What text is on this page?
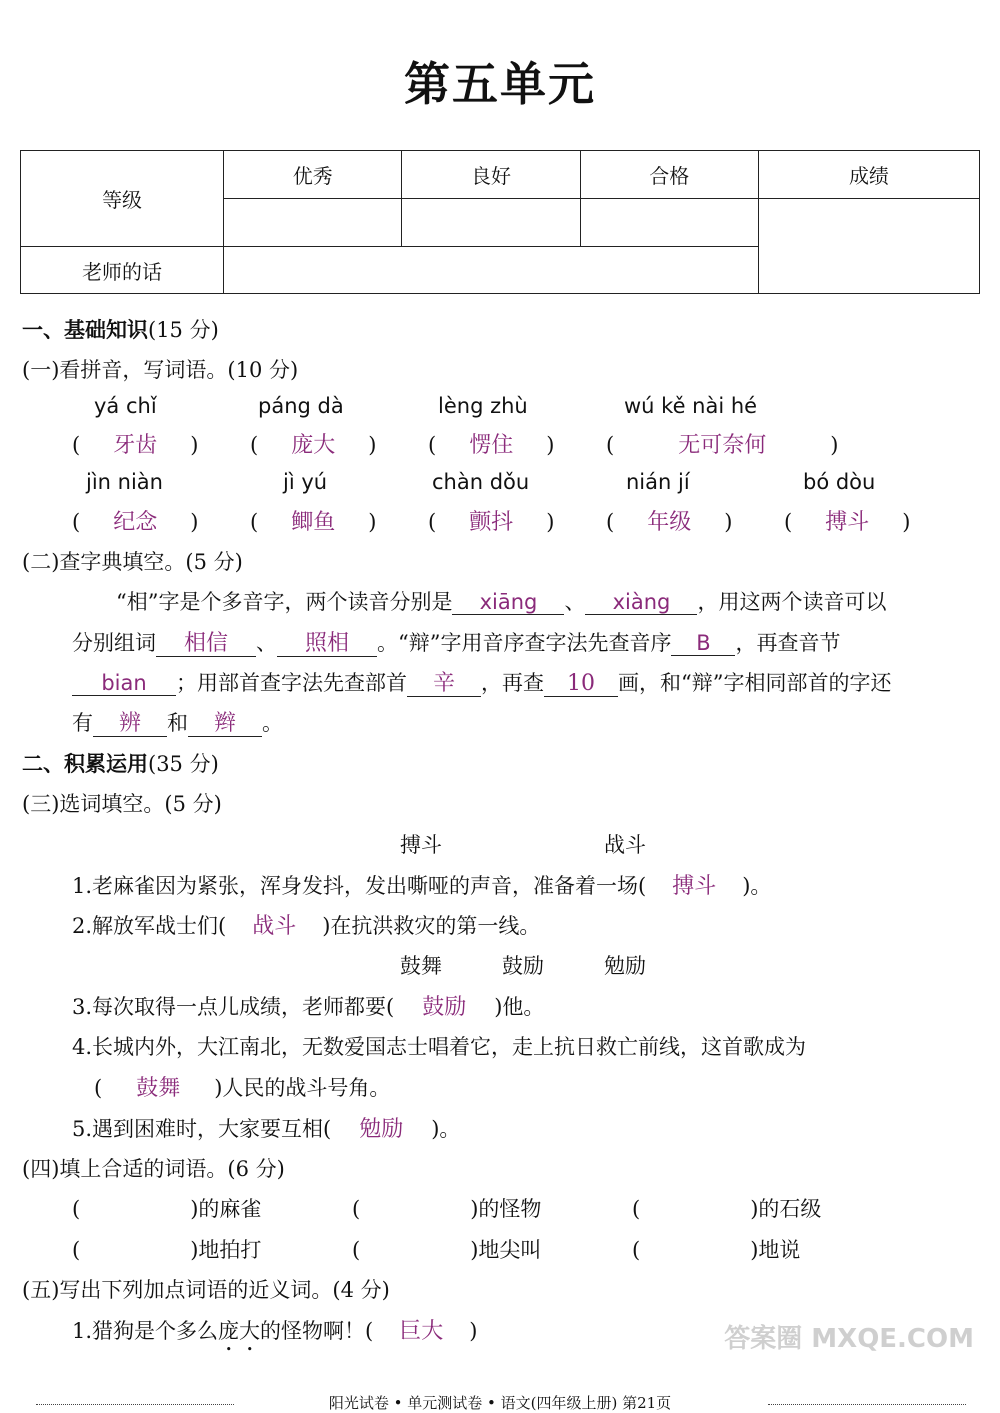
第五单元
等级	优秀	良好	合格	成绩

老师的话				
一、基础知识(15 分)
(一)看拼音，写词语。(10 分)
yá chǐ	páng dà	lèng zhù	wú kě nài hé
( 牙齿 ) ( 庞大 ) ( 愣住 ) (	无可奈何	)
jìn niàn	jì yú	chàn dǒu	nián jí	bó dòu
( 纪念 ) ( 鲫鱼 ) ( 颤抖 ) ( 年级 ) ( 搏斗 )
(二)查字典填空。(5 分)
“相”字是个多音字，两个读音分别是 xiāng 、 xiàng ，用这两个读音可以
分别组词 相信 、 照相 。“辩”字用音序查字法先查音序 B ，再查音节
bian ；用部首查字法先查部首 辛 ，再查 10 画，和“辩”字相同部首的字还
有 辨 和 辫 。
二、积累运用(35 分)
(三)选词填空。(5 分)
搏斗	战斗
1.老麻雀因为紧张，浑身发抖，发出嘶哑的声音，准备着一场( 搏斗 )。
2.解放军战士们( 战斗 )在抗洪救灾的第一线。
鼓舞	鼓励	勉励
3.每次取得一点儿成绩，老师都要( 鼓励 )他。
4.长城内外，大江南北，无数爱国志士唱着它，走上抗日救亡前线，这首歌成为
( 鼓舞 )人民的战斗号角。
5.遇到困难时，大家要互相( 勉励 )。
(四)填上合适的词语。(6 分)
(	)的麻雀	(	)的怪物	(	)的石级
(	)地拍打	(	)地尖叫	(	)地说
(五)写出下列加点词语的近义词。(4 分)
1.猎狗是个多么庞大的怪物啊！( 巨大 )
阳光试卷 • 单元测试卷 • 语文(四年级上册) 第21页
答案圈 MXQE.COM
